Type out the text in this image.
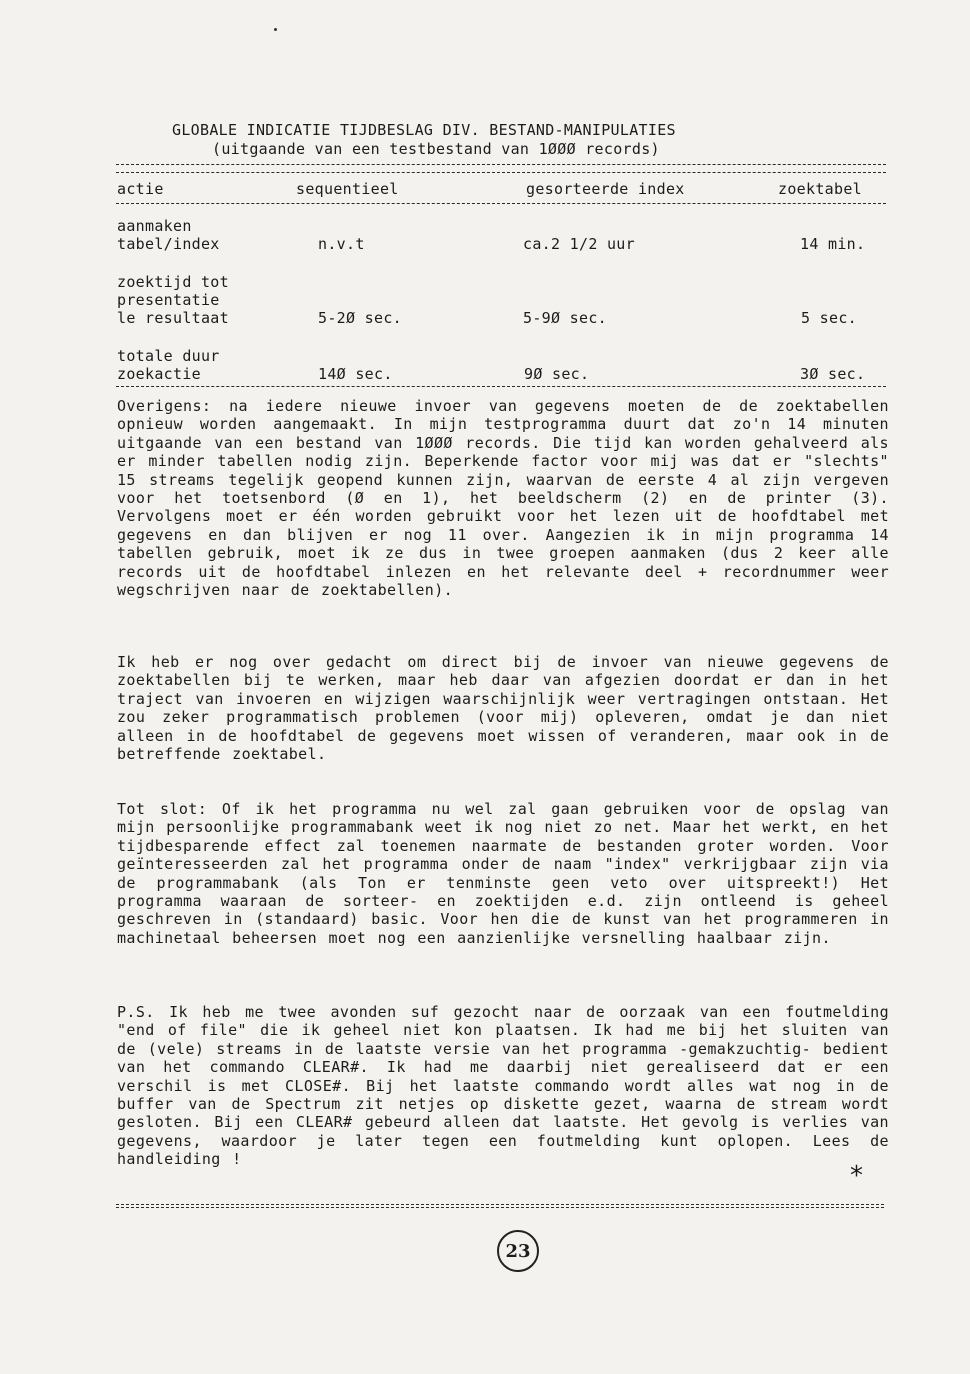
GLOBALE INDICATIE TIJDBESLAG DIV. BESTAND-MANIPULATIES
(uitgaande van een testbestand van 1ØØØ records)
actie	sequentieel	gesorteerde index	zoektabel
aanmaken
tabel/index	n.v.t	ca.2 1/2 uur	14 min.
zoektijd tot
presentatie
le resultaat	5-2Ø sec.	5-9Ø sec.	5 sec.
totale duur
zoekactie	14Ø sec.	9Ø sec.	3Ø sec.
Overigens: na iedere nieuwe invoer van gegevens moeten de de zoektabellen opnieuw worden aangemaakt. In mijn testprogramma duurt dat zo'n 14 minuten uitgaande van een bestand van 1ØØØ records. Die tijd kan worden gehalveerd als er minder tabellen nodig zijn. Beperkende factor voor mij was dat er "slechts" 15 streams tegelijk geopend kunnen zijn, waarvan de eerste 4 al zijn vergeven voor het toetsenbord (Ø en 1), het beeldscherm (2) en de printer (3). Vervolgens moet er één worden gebruikt voor het lezen uit de hoofdtabel met gegevens en dan blijven er nog 11 over. Aangezien ik in mijn programma 14 tabellen gebruik, moet ik ze dus in twee groepen aanmaken (dus 2 keer alle records uit de hoofdtabel inlezen en het relevante deel + recordnummer weer wegschrijven naar de zoektabellen).
Ik heb er nog over gedacht om direct bij de invoer van nieuwe gegevens de zoektabellen bij te werken, maar heb daar van afgezien doordat er dan in het traject van invoeren en wijzigen waarschijnlijk weer vertragingen ontstaan. Het zou zeker programmatisch problemen (voor mij) opleveren, omdat je dan niet alleen in de hoofdtabel de gegevens moet wissen of veranderen, maar ook in de betreffende zoektabel.
Tot slot: Of ik het programma nu wel zal gaan gebruiken voor de opslag van mijn persoonlijke programmabank weet ik nog niet zo net. Maar het werkt, en het tijdbesparende effect zal toenemen naarmate de bestanden groter worden. Voor geïnteresseerden zal het programma onder de naam "index" verkrijgbaar zijn via de programmabank (als Ton er tenminste geen veto over uitspreekt!) Het programma waaraan de sorteer- en zoektijden e.d. zijn ontleend is geheel geschreven in (standaard) basic. Voor hen die de kunst van het programmeren in machinetaal beheersen moet nog een aanzienlijke versnelling haalbaar zijn.
P.S. Ik heb me twee avonden suf gezocht naar de oorzaak van een foutmelding "end of file" die ik geheel niet kon plaatsen. Ik had me bij het sluiten van de (vele) streams in de laatste versie van het programma -gemakzuchtig- bedient van het commando CLEAR#. Ik had me daarbij niet gerealiseerd dat er een verschil is met CLOSE#. Bij het laatste commando wordt alles wat nog in de buffer van de Spectrum zit netjes op diskette gezet, waarna de stream wordt gesloten. Bij een CLEAR# gebeurd alleen dat laatste. Het gevolg is verlies van gegevens, waardoor je later tegen een foutmelding kunt oplopen. Lees de handleiding !
*
23
